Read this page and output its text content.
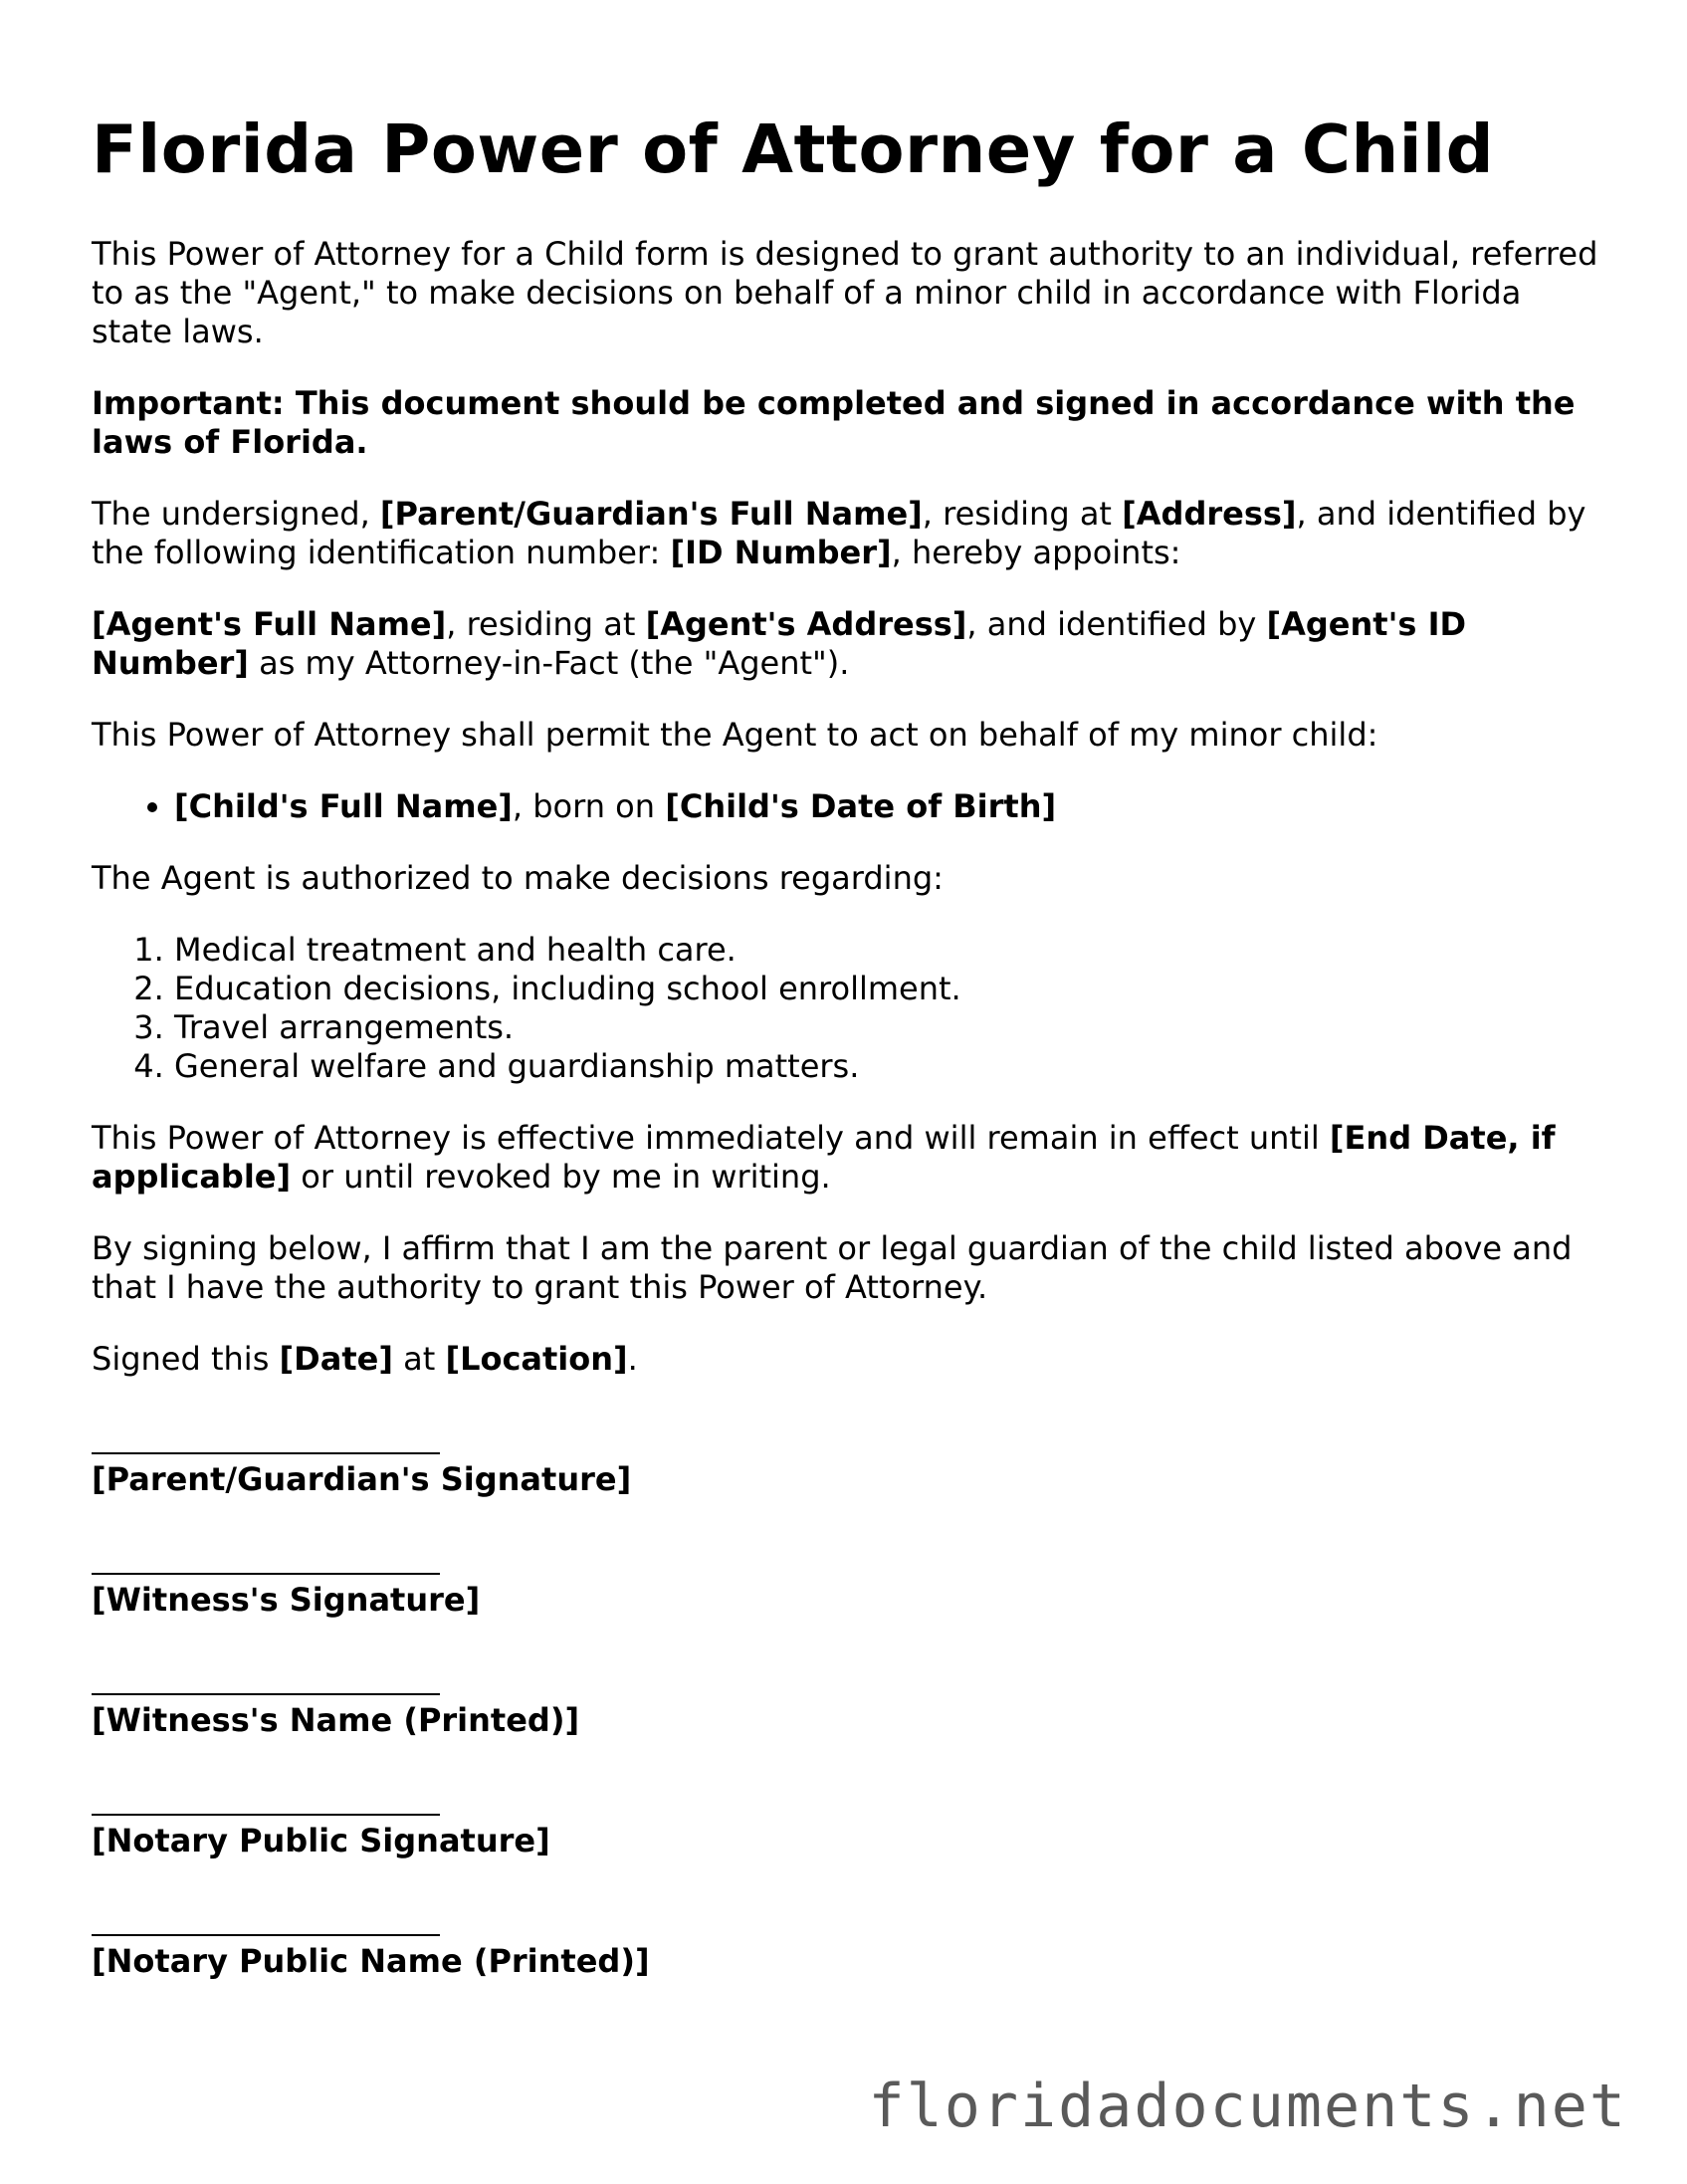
Florida Power of Attorney for a Child

This Power of Attorney for a Child form is designed to grant authority to an individual, referred to as the "Agent," to make decisions on behalf of a minor child in accordance with Florida state laws.

Important: This document should be completed and signed in accordance with the laws of Florida.

The undersigned, [Parent/Guardian's Full Name], residing at [Address], and identified by the following identification number: [ID Number], hereby appoints:

[Agent's Full Name], residing at [Agent's Address], and identified by [Agent's ID Number] as my Attorney-in-Fact (the "Agent").

This Power of Attorney shall permit the Agent to act on behalf of my minor child:

• [Child's Full Name], born on [Child's Date of Birth]

The Agent is authorized to make decisions regarding:

1. Medical treatment and health care.
2. Education decisions, including school enrollment.
3. Travel arrangements.
4. General welfare and guardianship matters.

This Power of Attorney is effective immediately and will remain in effect until [End Date, if applicable] or until revoked by me in writing.

By signing below, I affirm that I am the parent or legal guardian of the child listed above and that I have the authority to grant this Power of Attorney.

Signed this [Date] at [Location].

[Parent/Guardian's Signature]
[Witness's Signature]
[Witness's Name (Printed)]
[Notary Public Signature]
[Notary Public Name (Printed)]
floridadocuments.net
